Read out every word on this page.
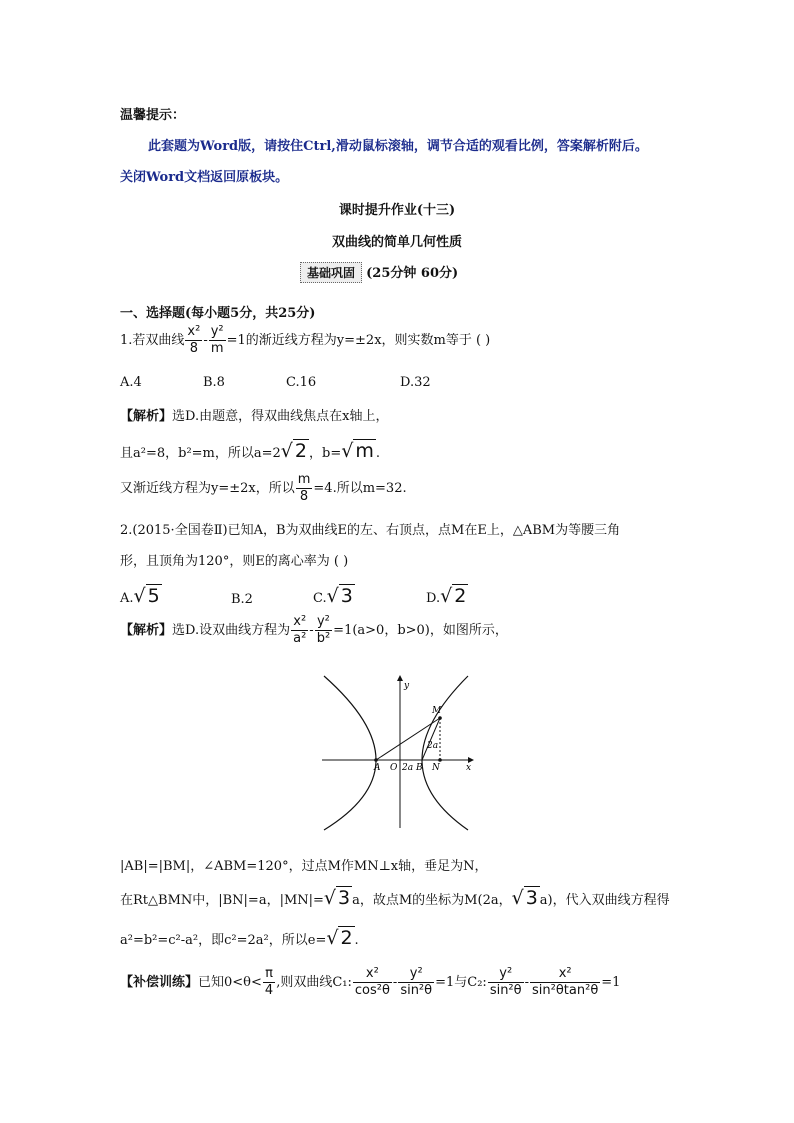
温馨提示：
此套题为Word版，请按住Ctrl,滑动鼠标滚轴，调节合适的观看比例，答案解析附后。
关闭Word文档返回原板块。
课时提升作业(十三)
双曲线的简单几何性质
基础巩固 (25分钟 60分)
一、选择题(每小题5分，共25分)
1.若双曲线 $\frac{\text{x²}}{8} - \frac{\text{y²}}{m} =1$的渐近线方程为y=±2x，则实数m等于 ( )
A.4	B.8	C.16	D.32
【解析】选D.由题意，得双曲线焦点在x轴上，
且a²=8，b²=m，所以a=2√ 2 ，b=√ m .
又渐近线方程为y=±2x，所以 $\frac{m}{8} =4$.所以m=32.
2.(2015·全国卷Ⅱ)已知A，B为双曲线E的左、右顶点，点M在E上，△ABM为等腰三角
形，且顶角为120°，则E的离心率为 ( )
A.√ 5	B.2	C.√ 3	D.√ 2
【解析】选D.设双曲线方程为 $\frac{\text{x²}}{\text{a²}} - \frac{\text{y²}}{\text{b²}} =1(a>0$，b>0)，如图所示，
y
x
M
A O 2a B N
2a
|AB|=|BM|，∠ABM=120°，过点M作MN⊥x轴，垂足为N，
在Rt△BMN中，|BN|=a，|MN|=√ 3 a，故点M的坐标为M(2a，√ 3 a)，代入双曲线方程得
a²=b²=c²-a²，即c²=2a²，所以e=√ 2 .
【补偿训练】已知$0<\theta< \frac{\pi}{4}$ ,则双曲线C₁: $\frac{\text{x²}}{\text{cos²θ}} - \frac{\text{y²}}{\text{sin²θ}} =1$与C₂: $\frac{\text{y²}}{\text{sin²θ}} - \frac{\text{x²}}{\text{sin²θtan²θ}} =1$
